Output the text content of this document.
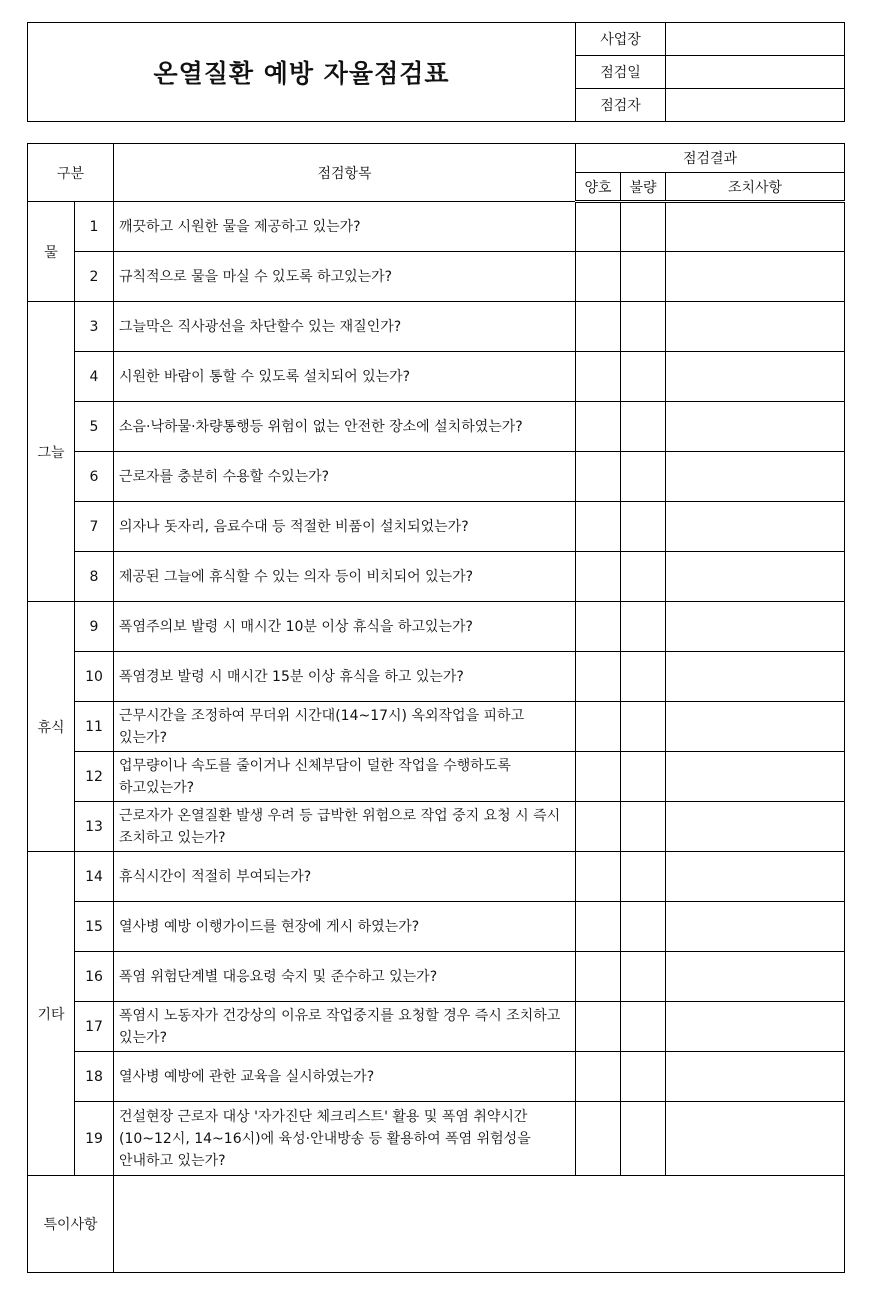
온열질환 예방 자율점검표	사업장	
	점검일	
	점검자	
구분		점검항목	점검결과		
			양호	불량	조치사항
물	1	깨끗하고 시원한 물을 제공하고 있는가?			
	2	규칙적으로 물을 마실 수 있도록 하고있는가?			
그늘	3	그늘막은 직사광선을 차단할수 있는 재질인가?			
	4	시원한 바람이 통할 수 있도록 설치되어 있는가?			
	5	소음·낙하물·차량통행등 위험이 없는 안전한 장소에 설치하였는가?			
	6	근로자를 충분히 수용할 수있는가?			
	7	의자나 돗자리, 음료수대 등 적절한 비품이 설치되었는가?			
	8	제공된 그늘에 휴식할 수 있는 의자 등이 비치되어 있는가?			
휴식	9	폭염주의보 발령 시 매시간 10분 이상 휴식을 하고있는가?			
	10	폭염경보 발령 시 매시간 15분 이상 휴식을 하고 있는가?			
	11	근무시간을 조정하여 무더위 시간대(14~17시) 옥외작업을 피하고 있는가?			
	12	업무량이나 속도를 줄이거나 신체부담이 덜한 작업을 수행하도록 하고있는가?			
	13	근로자가 온열질환 발생 우려 등 급박한 위험으로 작업 중지 요청 시 즉시 조치하고 있는가?			
기타	14	휴식시간이 적절히 부여되는가?			
	15	열사병 예방 이행가이드를 현장에 게시 하였는가?			
	16	폭염 위험단계별 대응요령 숙지 및 준수하고 있는가?			
	17	폭염시 노동자가 건강상의 이유로 작업중지를 요청할 경우 즉시 조치하고 있는가?			
	18	열사병 예방에 관한 교육을 실시하였는가?			
	19	건설현장 근로자 대상 '자가진단 체크리스트' 활용 및 폭염 취약시간(10~12시, 14~16시)에 육성·안내방송 등 활용하여 폭염 위험성을 안내하고 있는가?			
특이사항					
